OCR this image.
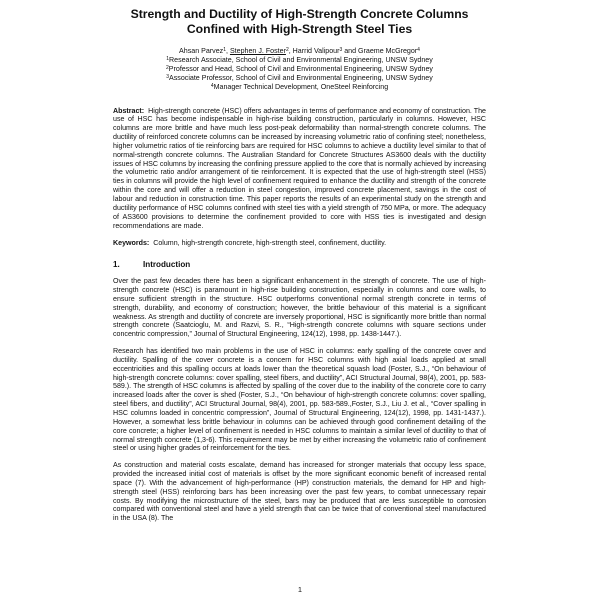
Strength and Ductility of High-Strength Concrete Columns Confined with High-Strength Steel Ties
Ahsan Parvez$^1$, Stephen J. Foster$^2$, Harrid Valipour$^3$ and Graeme McGregor$^4$
$^1$Research Associate, School of Civil and Environmental Engineering, UNSW Sydney
$^2$Professor and Head, School of Civil and Environmental Engineering, UNSW Sydney
$^3$Associate Professor, School of Civil and Environmental Engineering, UNSW Sydney
$^4$Manager Technical Development, OneSteel Reinforcing
Abstract: High-strength concrete (HSC) offers advantages in terms of performance and economy of construction. The use of HSC has become indispensable in high-rise building construction, particularly in columns. However, HSC columns are more brittle and have much less post-peak deformability than normal-strength concrete columns. The ductility of reinforced concrete columns can be increased by increasing volumetric ratio of confining steel; nonetheless, higher volumetric ratios of tie reinforcing bars are required for HSC columns to achieve a ductility level similar to that of normal-strength concrete columns. The Australian Standard for Concrete Structures AS3600 deals with the ductility issues of HSC columns by increasing the confining pressure applied to the core that is normally achieved by increasing the volumetric ratio and/or arrangement of tie reinforcement. It is expected that the use of high-strength steel (HSS) ties in columns will provide the high level of confinement required to enhance the ductility and strength of the concrete within the core and will offer a reduction in steel congestion, improved concrete placement, savings in the cost of labour and reduction in construction time. This paper reports the results of an experimental study on the strength and ductility performance of HSC columns confined with steel ties with a yield strength of 750 MPa, or more. The adequacy of AS3600 provisions to determine the confinement provided to core with HSS ties is investigated and design recommendations are made.
Keywords: Column, high-strength concrete, high-strength steel, confinement, ductility.
1.	Introduction

Over the past few decades there has been a significant enhancement in the strength of concrete. The use of high-strength concrete (HSC) is paramount in high-rise building construction, especially in columns and core walls, to ensure sufficient strength in the structure. HSC outperforms conventional normal strength concrete in terms of strength, durability, and economy of construction; however, the brittle behaviour of this material is a significant weakness. As strength and ductility of concrete are inversely proportional, HSC is significantly more brittle than normal strength concrete (Saatcioglu, M. and Razvi, S. R., “High-strength concrete columns with square sections under concentric compression,” Journal of Structural Engineering, 124(12), 1998, pp. 1438-1447.).

Research has identified two main problems in the use of HSC in columns: early spalling of the concrete cover and ductility. Spalling of the cover concrete is a concern for HSC columns with high axial loads applied at small eccentricities and this spalling occurs at loads lower than the theoretical squash load (Foster, S.J., “On behaviour of high-strength concrete columns: cover spalling, steel fibers, and ductility”, ACI Structural Journal, 98(4), 2001, pp. 583-589.). The strength of HSC columns is affected by spalling of the cover due to the inability of the concrete core to carry increased loads after the cover is shed (Foster, S.J., “On behaviour of high-strength concrete columns: cover spalling, steel fibers, and ductility”, ACI Structural Journal, 98(4), 2001, pp. 583-589.,Foster, S.J., Liu J. et al., “Cover spalling in HSC columns loaded in concentric compression”, Journal of Structural Engineering, 124(12), 1998, pp. 1431-1437.). However, a somewhat less brittle behaviour in columns can be achieved through good confinement detailing of the core concrete; a higher level of confinement is needed in HSC columns to maintain a similar level of ductility to that of normal strength concrete (1,3-6). This requirement may be met by either increasing the volumetric ratio of confinement steel or using higher grades of reinforcement for the ties.

As construction and material costs escalate, demand has increased for stronger materials that occupy less space, provided the increased initial cost of materials is offset by the more significant economic benefit of increased rental space (7). With the advancement of high-performance (HP) construction materials, the demand for HP and high-strength steel (HSS) reinforcing bars has been increasing over the past few years, to combat unnecessary repair costs. By modifying the microstructure of the steel, bars may be produced that are less susceptible to corrosion compared with conventional steel and have a yield strength that can be twice that of conventional steel manufactured in the USA (8). The

1
